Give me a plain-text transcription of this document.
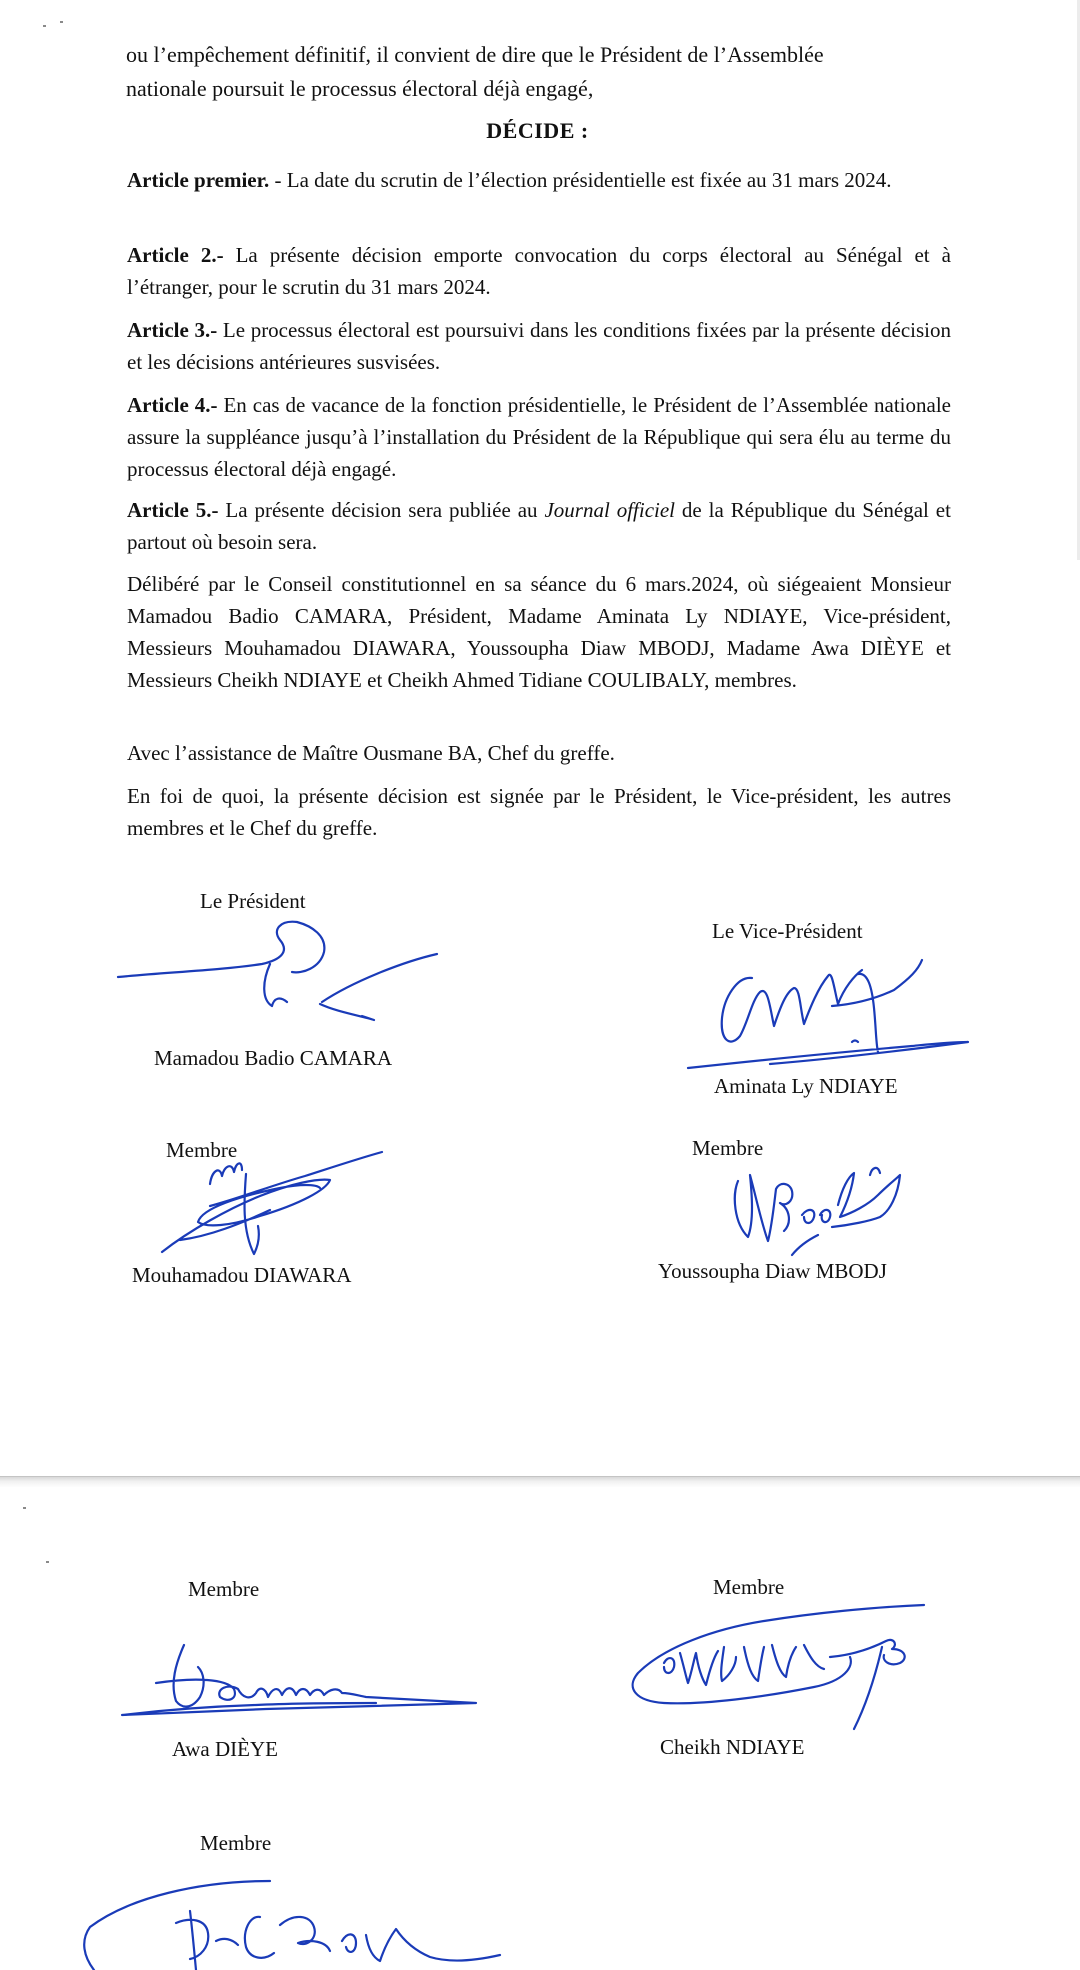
ou l’empêchement définitif, il convient de dire que le Président de l’Assemblée
nationale poursuit le processus électoral déjà engagé,
DÉCIDE :
Article premier. - La date du scrutin de l’élection présidentielle est fixée au 31 mars 2024.
Article 2.- La présente décision emporte convocation du corps électoral au Sénégal et à l’étranger, pour le scrutin du 31 mars 2024.
Article 3.- Le processus électoral est poursuivi dans les conditions fixées par la présente décision et les décisions antérieures susvisées.
Article 4.- En cas de vacance de la fonction présidentielle, le Président de l’Assemblée nationale assure la suppléance jusqu’à l’installation du Président de la République qui sera élu au terme du processus électoral déjà engagé.
Article 5.- La présente décision sera publiée au Journal officiel de la République du Sénégal et partout où besoin sera.
Délibéré par le Conseil constitutionnel en sa séance du 6 mars.2024, où siégeaient Monsieur Mamadou Badio CAMARA, Président, Madame Aminata Ly NDIAYE, Vice-président, Messieurs Mouhamadou DIAWARA, Youssoupha Diaw MBODJ, Madame Awa DIÈYE et Messieurs Cheikh NDIAYE et Cheikh Ahmed Tidiane COULIBALY, membres.
Avec l’assistance de Maître Ousmane BA, Chef du greffe.
En foi de quoi, la présente décision est signée par le Président, le Vice-président, les autres membres et le Chef du greffe.
Le Président
Mamadou Badio CAMARA
Le Vice-Président
Aminata Ly NDIAYE
Membre
Mouhamadou DIAWARA
Membre
Youssoupha Diaw MBODJ
Membre
Awa DIÈYE
Membre
Cheikh NDIAYE
Membre
